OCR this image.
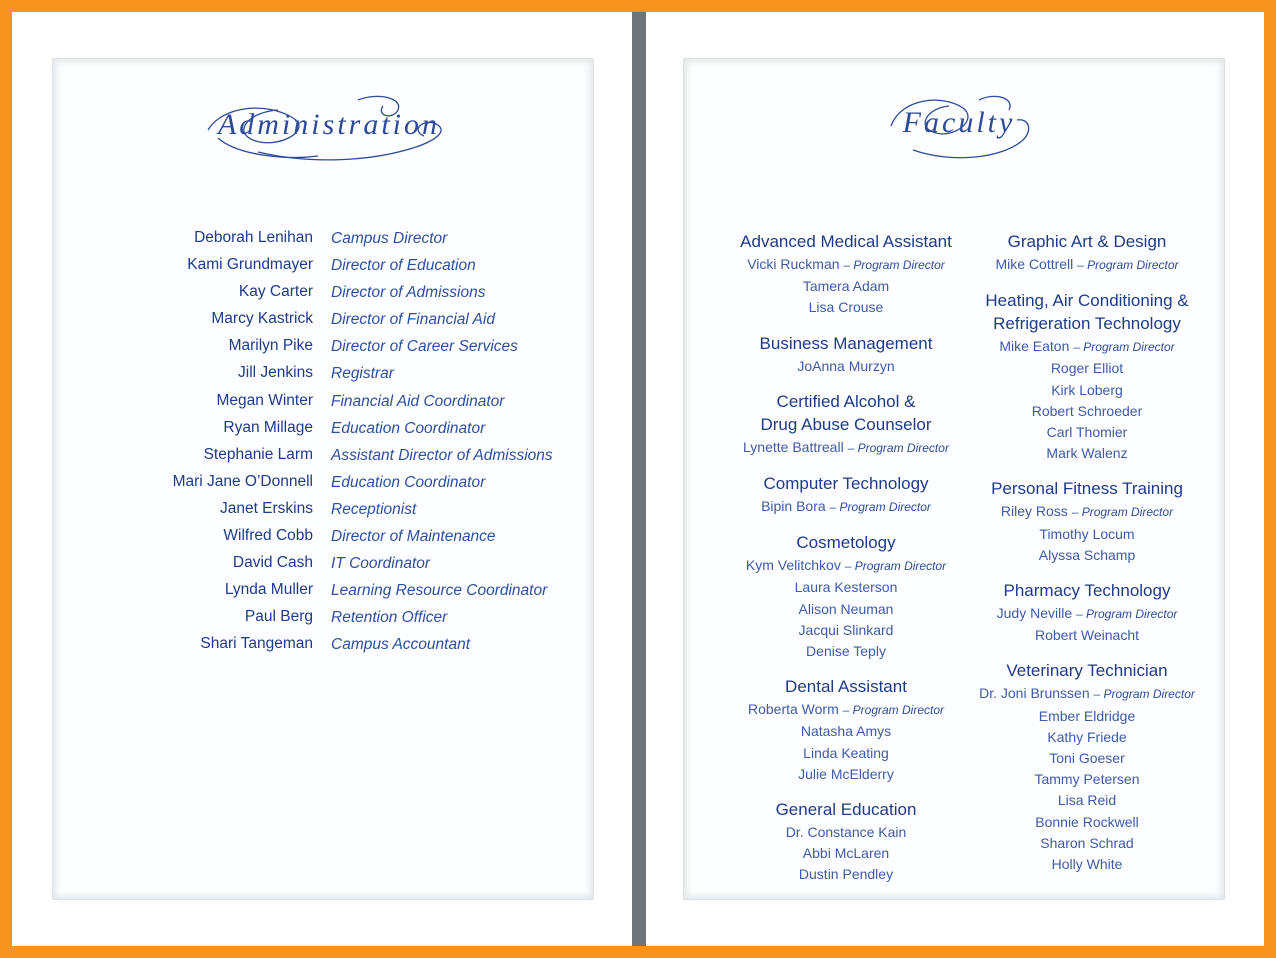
Administration
Deborah Lenihan Campus Director
Kami Grundmayer Director of Education
Kay Carter Director of Admissions
Marcy Kastrick Director of Financial Aid
Marilyn Pike Director of Career Services
Jill Jenkins Registrar
Megan Winter Financial Aid Coordinator
Ryan Millage Education Coordinator
Stephanie Larm Assistant Director of Admissions
Mari Jane O’Donnell Education Coordinator
Janet Erskins Receptionist
Wilfred Cobb Director of Maintenance
David Cash IT Coordinator
Lynda Muller Learning Resource Coordinator
Paul Berg Retention Officer
Shari Tangeman Campus Accountant
Faculty
Advanced Medical Assistant
Vicki Ruckman – Program Director
Tamera Adam
Lisa Crouse
Business Management
JoAnna Murzyn
Certified Alcohol &
Drug Abuse Counselor
Lynette Battreall – Program Director
Computer Technology
Bipin Bora – Program Director
Cosmetology
Kym Velitchkov – Program Director
Laura Kesterson
Alison Neuman
Jacqui Slinkard
Denise Teply
Dental Assistant
Roberta Worm – Program Director
Natasha Amys
Linda Keating
Julie McElderry
General Education
Dr. Constance Kain
Abbi McLaren
Dustin Pendley
Graphic Art & Design
Mike Cottrell – Program Director
Heating, Air Conditioning &
Refrigeration Technology
Mike Eaton – Program Director
Roger Elliot
Kirk Loberg
Robert Schroeder
Carl Thomier
Mark Walenz
Personal Fitness Training
Riley Ross – Program Director
Timothy Locum
Alyssa Schamp
Pharmacy Technology
Judy Neville – Program Director
Robert Weinacht
Veterinary Technician
Dr. Joni Brunssen – Program Director
Ember Eldridge
Kathy Friede
Toni Goeser
Tammy Petersen
Lisa Reid
Bonnie Rockwell
Sharon Schrad
Holly White
